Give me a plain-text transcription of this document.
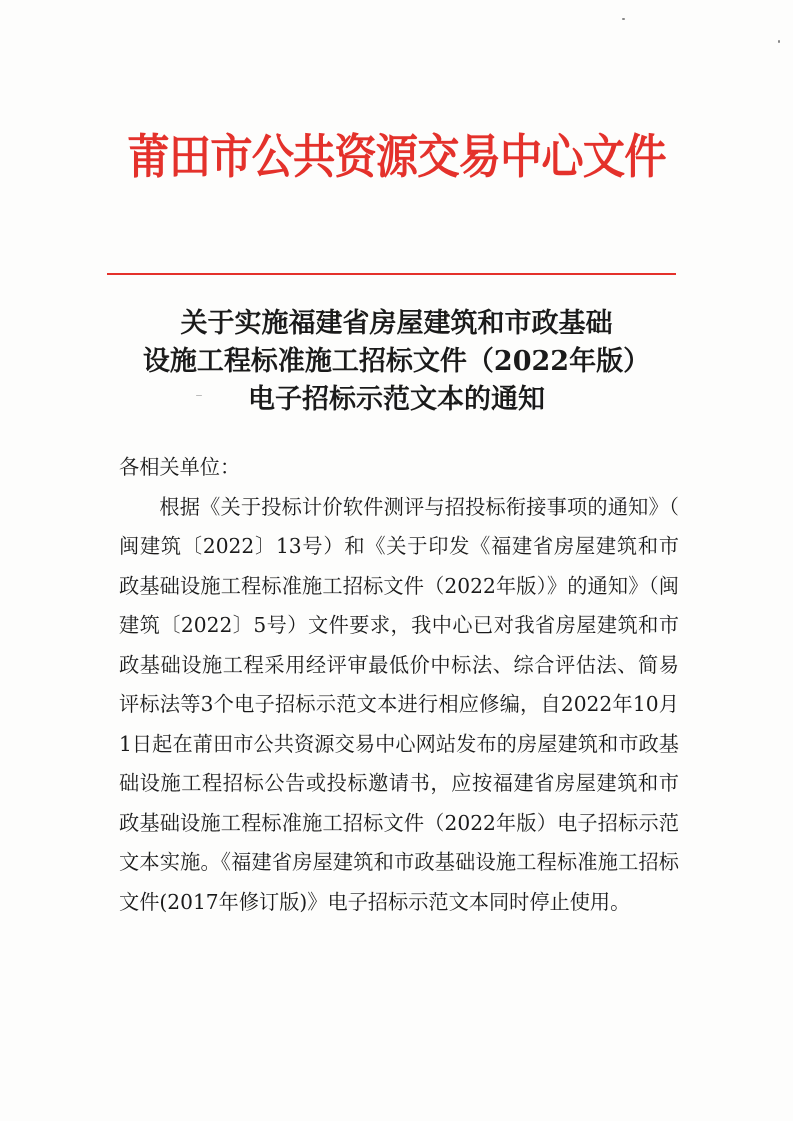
莆田市公共资源交易中心文件
关于实施福建省房屋建筑和市政基础
设施工程标准施工招标文件（2022年版）
电子招标示范文本的通知

各相关单位：

根据《关于投标计价软件测评与招投标衔接事项的通知》（闽建筑〔2022〕13号）和《关于印发《福建省房屋建筑和市政基础设施工程标准施工招标文件（2022年版）》的通知》（闽建筑〔2022〕5号）文件要求，我中心已对我省房屋建筑和市政基础设施工程采用经评审最低价中标法、综合评估法、简易评标法等3个电子招标示范文本进行相应修编，自2022年10月1日起在莆田市公共资源交易中心网站发布的房屋建筑和市政基础设施工程招标公告或投标邀请书，应按福建省房屋建筑和市政基础设施工程标准施工招标文件（2022年版）电子招标示范文本实施。《福建省房屋建筑和市政基础设施工程标准施工招标文件(2017年修订版)》电子招标示范文本同时停止使用。
